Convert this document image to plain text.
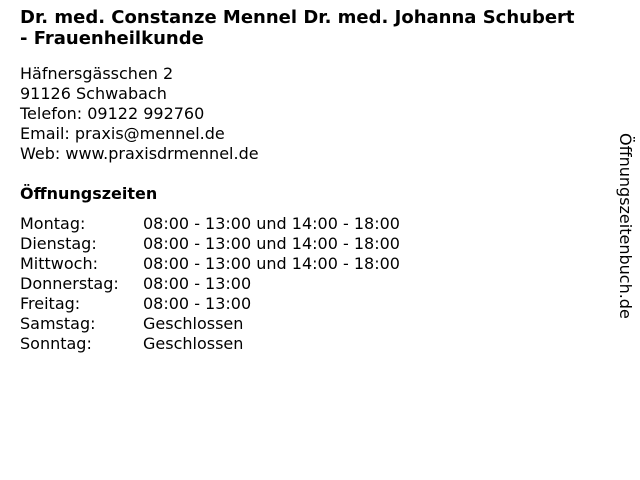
Dr. med. Constanze Mennel Dr. med. Johanna Schubert - Frauenheilkunde
Häfnersgässchen 2
91126 Schwabach
Telefon: 09122 992760
Email: praxis@mennel.de
Web: www.praxisdrmennel.de
Öffnungszeiten
Montag:	08:00 - 13:00 und 14:00 - 18:00
Dienstag:	08:00 - 13:00 und 14:00 - 18:00
Mittwoch:	08:00 - 13:00 und 14:00 - 18:00
Donnerstag:	08:00 - 13:00
Freitag:	08:00 - 13:00
Samstag:	Geschlossen
Sonntag:	Geschlossen
Öffnungszeitenbuch.de
